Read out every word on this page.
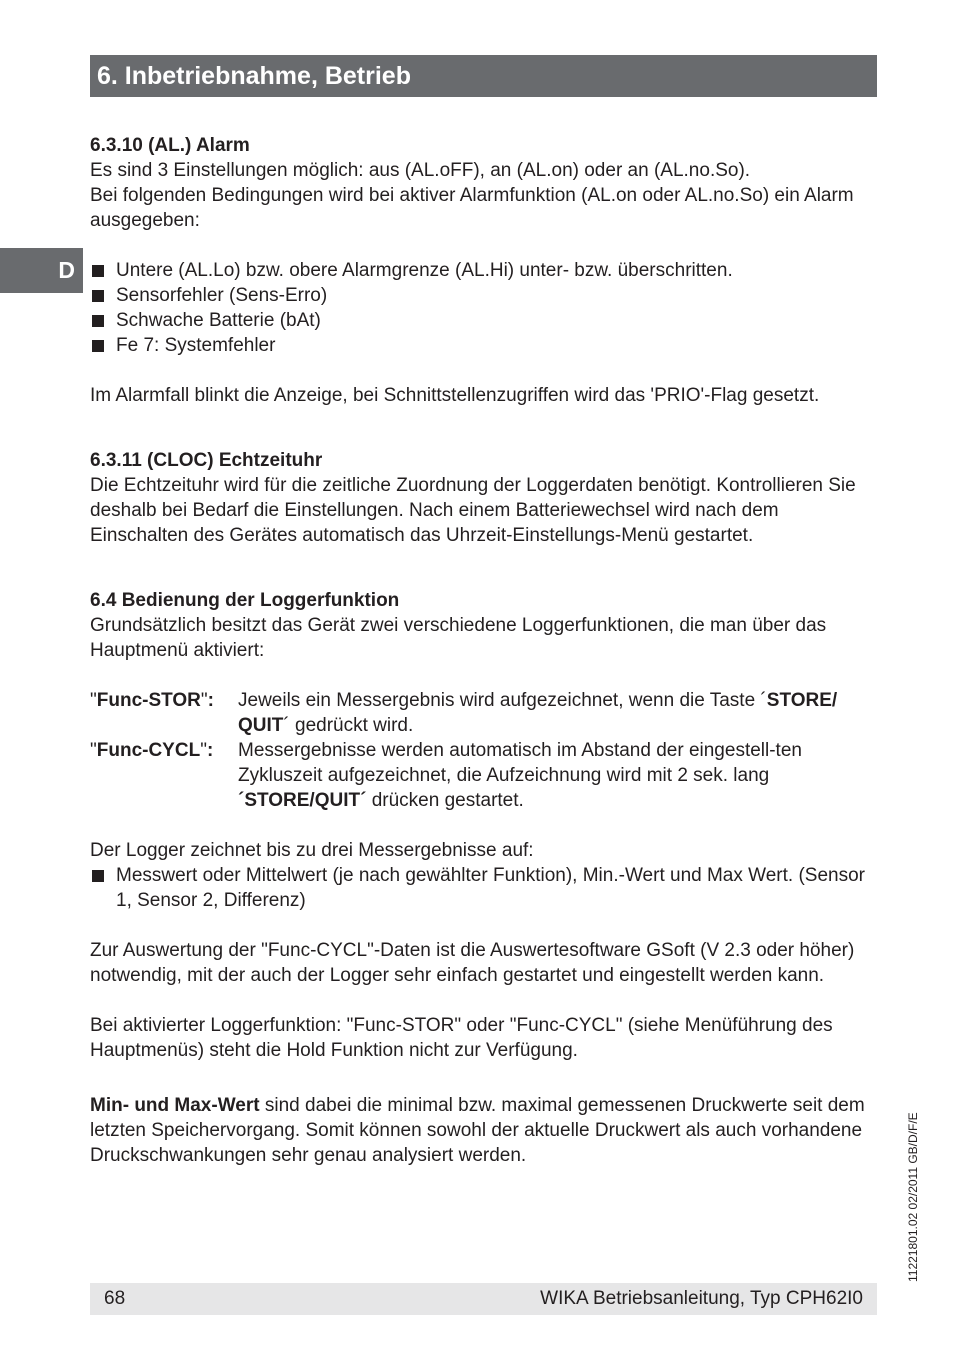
6. Inbetriebnahme, Betrieb
D

6.3.10 (AL.) Alarm

Es sind 3 Einstellungen möglich: aus (AL.oFF), an (AL.on) oder an (AL.no.So).

Bei folgenden Bedingungen wird bei aktiver Alarmfunktion (AL.on oder AL.no.So) ein Alarm ausgegeben:

Untere (AL.Lo) bzw. obere Alarmgrenze (AL.Hi) unter- bzw. überschritten.

Sensorfehler (Sens-Erro)

Schwache Batterie (bAt)

Fe 7: Systemfehler

Im Alarmfall blinkt die Anzeige, bei Schnittstellenzugriffen wird das 'PRIO'-Flag gesetzt.

6.3.11 (CLOC) Echtzeituhr

Die Echtzeituhr wird für die zeitliche Zuordnung der Loggerdaten benötigt. Kontrollieren Sie deshalb bei Bedarf die Einstellungen. Nach einem Batteriewechsel wird nach dem Einschalten des Gerätes automatisch das Uhrzeit-Einstellungs-Menü gestartet.

6.4 Bedienung der Loggerfunktion

Grundsätzlich besitzt das Gerät zwei verschiedene Loggerfunktionen, die man über das Hauptmenü aktiviert:

"Func-STOR":	Jeweils ein Messergebnis wird aufgezeichnet, wenn die Taste ´STORE/ QUIT´ gedrückt wird.
"Func-CYCL":	Messergebnisse werden automatisch im Abstand der eingestell-ten Zykluszeit aufgezeichnet, die Aufzeichnung wird mit 2 sek. lang ´STORE/QUIT´ drücken gestartet.

Der Logger zeichnet bis zu drei Messergebnisse auf:

Messwert oder Mittelwert (je nach gewählter Funktion), Min.-Wert und Max Wert. (Sensor 1, Sensor 2, Differenz)

Zur Auswertung der "Func-CYCL"-Daten ist die Auswertesoftware GSoft (V 2.3 oder höher) notwendig, mit der auch der Logger sehr einfach gestartet und eingestellt werden kann.

Bei aktivierter Loggerfunktion: "Func-STOR" oder "Func-CYCL" (siehe Menüführung des Hauptmenüs) steht die Hold Funktion nicht zur Verfügung.

Min- und Max-Wert sind dabei die minimal bzw. maximal gemessenen Druckwerte seit dem letzten Speichervorgang. Somit können sowohl der aktuelle Druckwert als auch vorhandene Druckschwankungen sehr genau analysiert werden.	11221801.02 02/2011 GB/D/F/E
68	WIKA Betriebsanleitung, Typ CPH62I0
